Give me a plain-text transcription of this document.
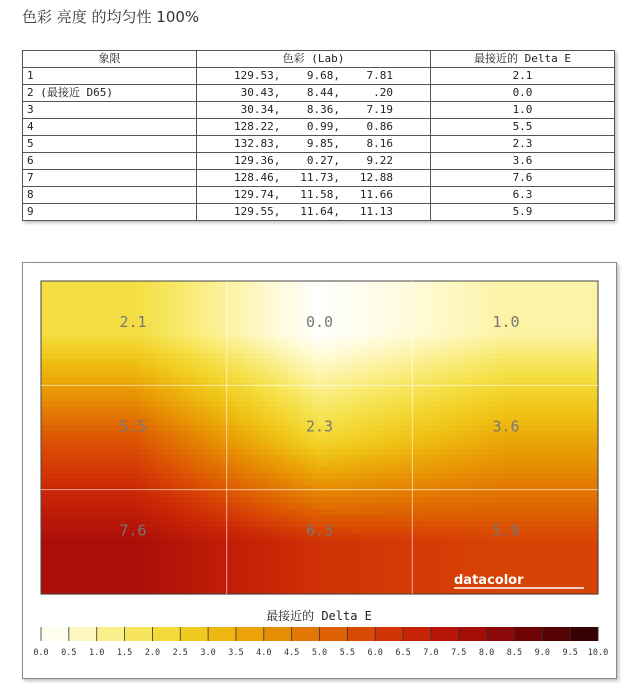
色彩 亮度 的均匀性 100%
象限	色彩 (Lab)	最接近的 Delta E
1	129.53,    9.68,    7.81	2.1
2 (最接近 D65)	30.43,    8.44,     .20	0.0
3	30.34,    8.36,    7.19	1.0
4	128.22,    0.99,    0.86	5.5
5	132.83,    9.85,    8.16	2.3
6	129.36,    0.27,    9.22	3.6
7	128.46,   11.73,   12.88	7.6
8	129.74,   11.58,   11.66	6.3
9	129.55,   11.64,   11.13	5.9
2.1	0.0	1.0
5.5	2.3	3.6
7.6	6.3	5.9
datacolor
最接近的 Delta E
0.0 0.5 1.0 1.5 2.0 2.5 3.0 3.5 4.0 4.5 5.0 5.5 6.0 6.5 7.0 7.5 8.0 8.5 9.0 9.5 10.0
